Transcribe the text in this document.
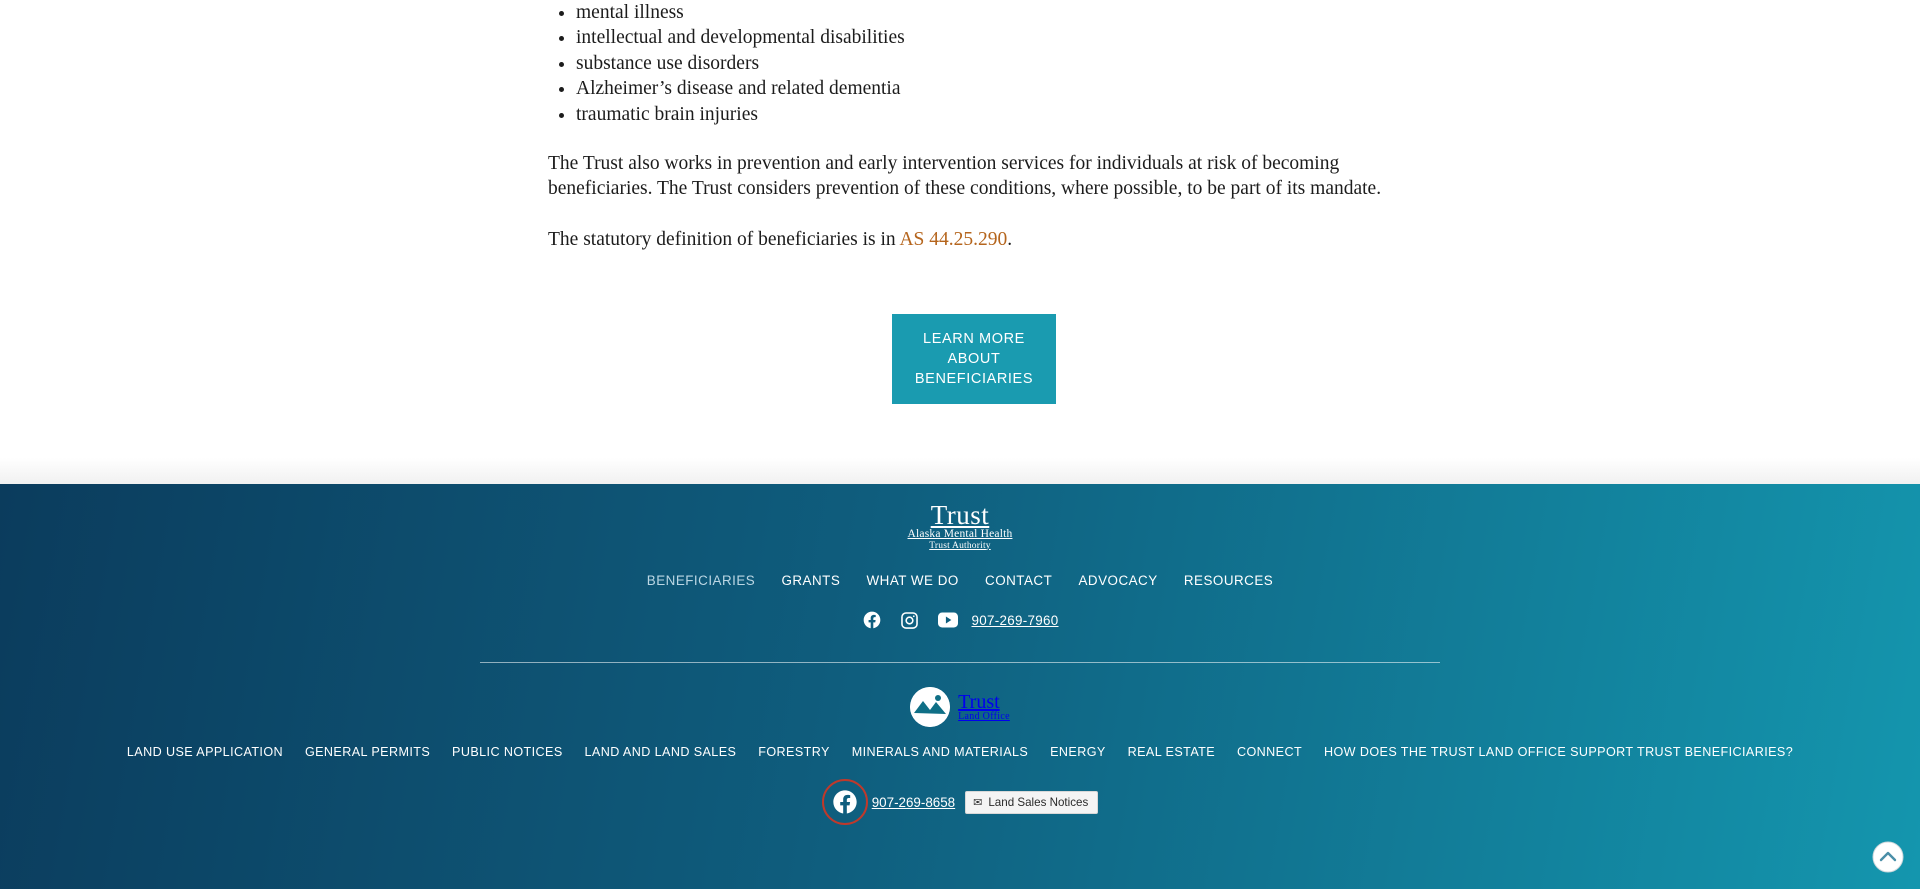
• mental illness
• intellectual and developmental disabilities
• substance use disorders
• Alzheimer’s disease and related dementia
• traumatic brain injuries

The Trust also works in prevention and early intervention services for individuals at risk of becoming beneficiaries. The Trust considers prevention of these conditions, where possible, to be part of its mandate.

The statutory definition of beneficiaries is in AS 44.25.290.

LEARN MORE ABOUT BENEFICIARIES
Trust
Alaska Mental Health
Trust Authority
BENEFICIARIES GRANTS WHAT WE DO CONTACT ADVOCACY RESOURCES
907-269-7960
Trust
Land Office
LAND USE APPLICATION GENERAL PERMITS PUBLIC NOTICES LAND AND LAND SALES FORESTRY MINERALS AND MATERIALS ENERGY REAL ESTATE CONNECT HOW DOES THE TRUST LAND OFFICE SUPPORT TRUST BENEFICIARIES?
907-269-8658 ✉ Land Sales Notices
